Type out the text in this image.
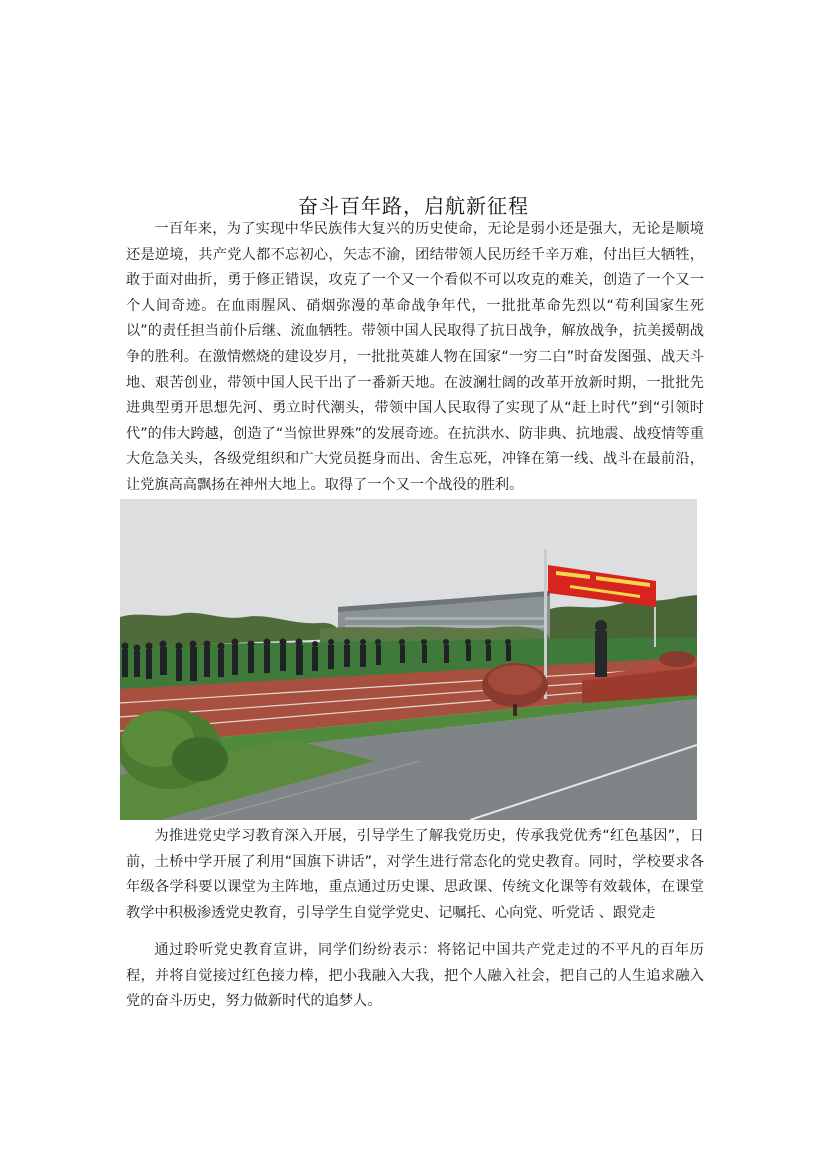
奋斗百年路，启航新征程

一百年来，为了实现中华民族伟大复兴的历史使命，无论是弱小还是强大，无论是顺境还是逆境，共产党人都不忘初心，矢志不渝，团结带领人民历经千辛万难，付出巨大牺牲，敢于面对曲折，勇于修正错误，攻克了一个又一个看似不可以攻克的难关，创造了一个又一个人间奇迹。在血雨腥风、硝烟弥漫的革命战争年代，一批批革命先烈以“苟利国家生死以”的责任担当前仆后继、流血牺牲。带领中国人民取得了抗日战争，解放战争，抗美援朝战争的胜利。在激情燃烧的建设岁月，一批批英雄人物在国家“一穷二白”时奋发图强、战天斗地、艰苦创业，带领中国人民干出了一番新天地。在波澜壮阔的改革开放新时期，一批批先进典型勇开思想先河、勇立时代潮头，带领中国人民取得了实现了从“赶上时代”到“引领时代”的伟大跨越，创造了“当惊世界殊”的发展奇迹。在抗洪水、防非典、抗地震、战疫情等重大危急关头，各级党组织和广大党员挺身而出、舍生忘死，冲锋在第一线、战斗在最前沿，让党旗高高飘扬在神州大地上。取得了一个又一个战役的胜利。

为推进党史学习教育深入开展，引导学生了解我党历史，传承我党优秀“红色基因”，日前，土桥中学开展了利用“国旗下讲话”，对学生进行常态化的党史教育。同时，学校要求各年级各学科要以课堂为主阵地，重点通过历史课、思政课、传统文化课等有效载体，在课堂教学中积极渗透党史教育，引导学生自觉学党史、记嘱托、心向党、听党话 、跟党走

通过聆听党史教育宣讲，同学们纷纷表示：将铭记中国共产党走过的不平凡的百年历程，并将自觉接过红色接力棒，把小我融入大我，把个人融入社会，把自己的人生追求融入党的奋斗历史，努力做新时代的追梦人。
